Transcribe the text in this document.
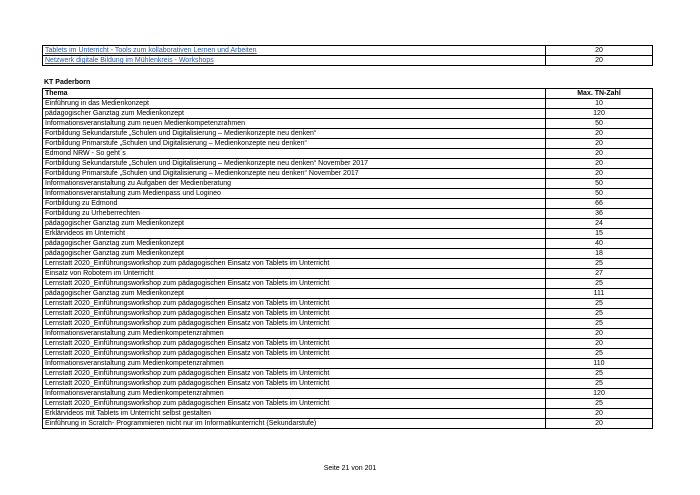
Tablets im Unterricht - Tools zum kollaborativen Lernen und Arbeiten	20
Netzwerk digitale Bildung im Mühlenkreis - Workshops	20
KT Paderborn
Thema	Max. TN-Zahl
Einführung in das Medienkonzept	10
pädagogischer Ganztag zum Medienkonzept	120
Informationsveranstaltung zum neuen Medienkompetenzrahmen	50
Fortbildung Sekundarstufe „Schulen und Digitalisierung – Medienkonzepte neu denken“	20
Fortbildung Primarstufe „Schulen und Digitalisierung – Medienkonzepte neu denken“	20
Edmond NRW - So geht´s	20
Fortbildung Sekundarstufe „Schulen und Digitalisierung – Medienkonzepte neu denken“ November 2017	20
Fortbildung Primarstufe „Schulen und Digitalisierung – Medienkonzepte neu denken“ November 2017	20
Informationsveranstaltung zu Aufgaben der Medienberatung	50
Informationsveranstaltung zum Medienpass und Logineo	50
Fortbildung zu Edmond	66
Fortbildung zu Urheberrechten	36
pädagogischer Ganztag zum Medienkonzept	24
Erklärvideos im Unterricht	15
pädagogischer Ganztag zum Medienkonzept	40
pädagogischer Ganztag zum Medienkonzept	18
Lernstatt 2020_Einführungsworkshop zum pädagogischen Einsatz von Tablets im Unterricht	25
Einsatz von Robotern im Unterricht	27
Lernstatt 2020_Einführungsworkshop zum pädagogischen Einsatz von Tablets im Unterricht	25
pädagogischer Ganztag zum Medienkonzept	111
Lernstatt 2020_Einführungsworkshop zum pädagogischen Einsatz von Tablets im Unterricht	25
Lernstatt 2020_Einführungsworkshop zum pädagogischen Einsatz von Tablets im Unterricht	25
Lernstatt 2020_Einführungsworkshop zum pädagogischen Einsatz von Tablets im Unterricht	25
Informationsveranstaltung zum Medienkompetenzrahmen	20
Lernstatt 2020_Einführungsworkshop zum pädagogischen Einsatz von Tablets im Unterricht	20
Lernstatt 2020_Einführungsworkshop zum pädagogischen Einsatz von Tablets im Unterricht	25
Informationsveranstaltung zum Medienkompetenzrahmen	110
Lernstatt 2020_Einführungsworkshop zum pädagogischen Einsatz von Tablets im Unterricht	25
Lernstatt 2020_Einführungsworkshop zum pädagogischen Einsatz von Tablets im Unterricht	25
Informationsveranstaltung zum Medienkompetenzrahmen	120
Lernstatt 2020_Einführungsworkshop zum pädagogischen Einsatz von Tablets im Unterricht	25
Erklärvideos mit Tablets im Unterricht selbst gestalten	20
Einführung in Scratch- Programmieren nicht nur im Informatikunterricht (Sekundarstufe)	20
Seite 21 von 201
